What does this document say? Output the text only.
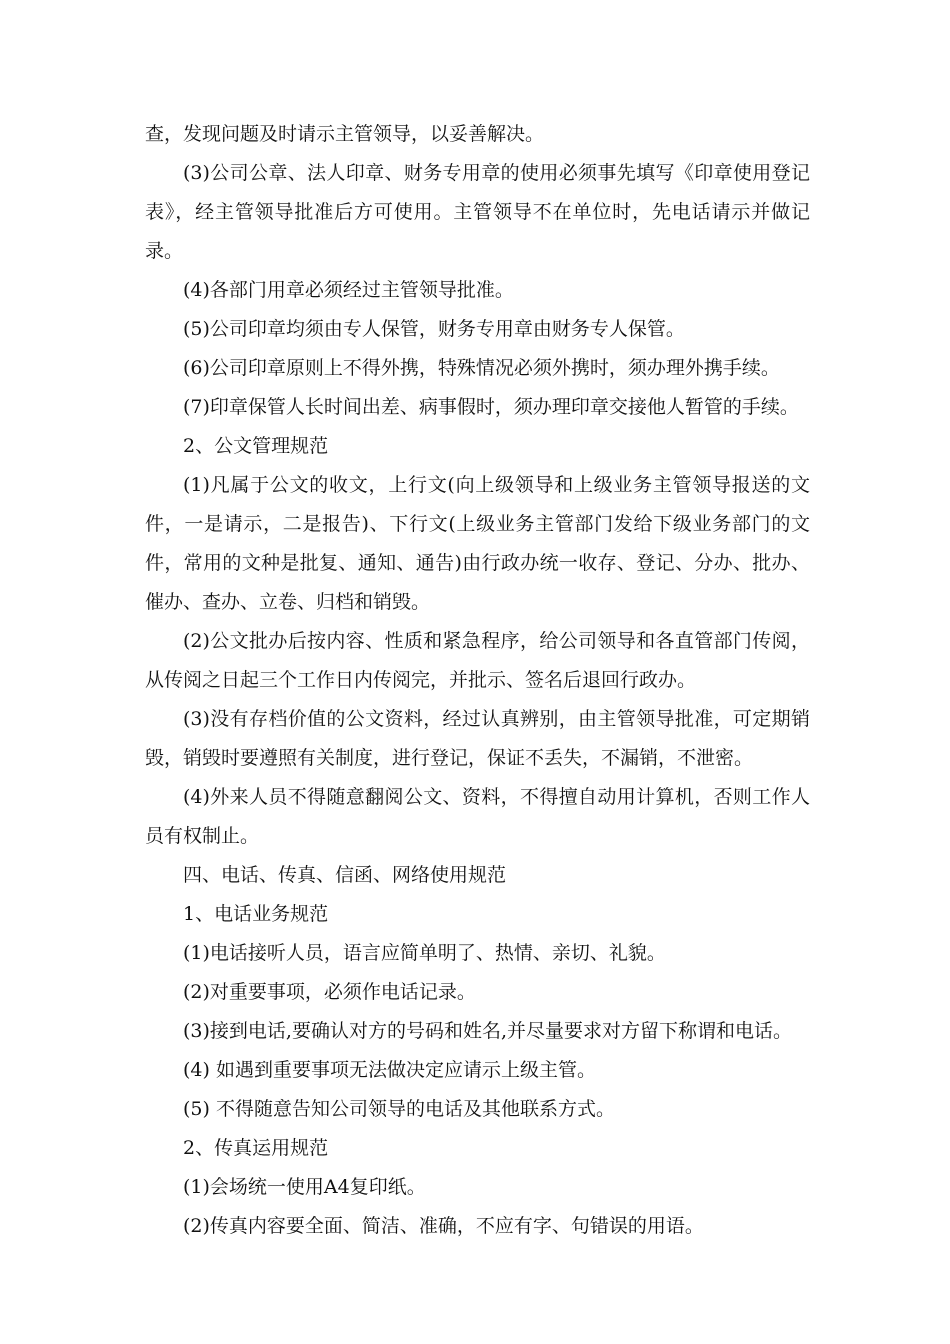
查，发现问题及时请示主管领导，以妥善解决。

(3)公司公章、法人印章、财务专用章的使用必须事先填写《印章使用登记表》，经主管领导批准后方可使用。主管领导不在单位时，先电话请示并做记录。

(4)各部门用章必须经过主管领导批准。

(5)公司印章均须由专人保管，财务专用章由财务专人保管。

(6)公司印章原则上不得外携，特殊情况必须外携时，须办理外携手续。

(7)印章保管人长时间出差、病事假时，须办理印章交接他人暂管的手续。

2、公文管理规范

(1)凡属于公文的收文，上行文(向上级领导和上级业务主管领导报送的文件，一是请示，二是报告)、下行文(上级业务主管部门发给下级业务部门的文件，常用的文种是批复、通知、通告)由行政办统一收存、登记、分办、批办、催办、查办、立卷、归档和销毁。

(2)公文批办后按内容、性质和紧急程序，给公司领导和各直管部门传阅，从传阅之日起三个工作日内传阅完，并批示、签名后退回行政办。

(3)没有存档价值的公文资料，经过认真辨别，由主管领导批准，可定期销毁，销毁时要遵照有关制度，进行登记，保证不丢失，不漏销，不泄密。

(4)外来人员不得随意翻阅公文、资料，不得擅自动用计算机，否则工作人员有权制止。

四、电话、传真、信函、网络使用规范

1、电话业务规范

(1)电话接听人员，语言应简单明了、热情、亲切、礼貌。

(2)对重要事项，必须作电话记录。

(3)接到电话,要确认对方的号码和姓名,并尽量要求对方留下称谓和电话。

(4) 如遇到重要事项无法做决定应请示上级主管。

(5) 不得随意告知公司领导的电话及其他联系方式。

2、传真运用规范

(1)会场统一使用A4复印纸。

(2)传真内容要全面、简洁、准确，不应有字、句错误的用语。
